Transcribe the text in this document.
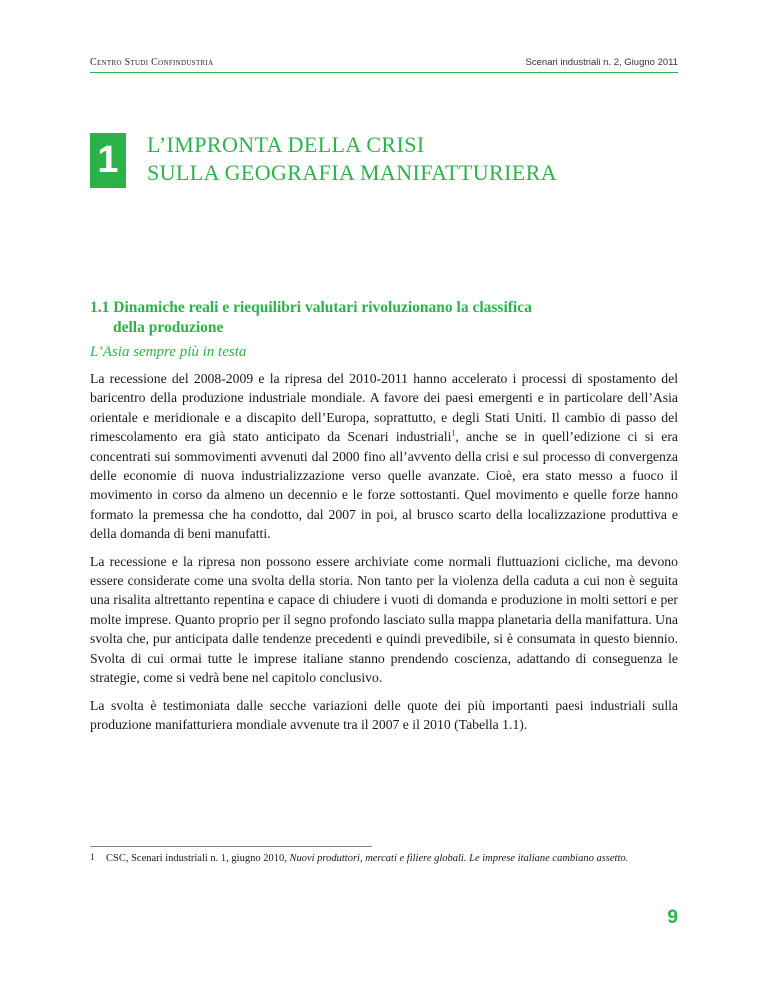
Centro Studi Confindustria	Scenari industriali n. 2, Giugno 2011
1	L’IMPRONTA DELLA CRISI
SULLA GEOGRAFIA MANIFATTURIERA
1.1 Dinamiche reali e riequilibri valutari rivoluzionano la classifica
della produzione
L’Asia sempre più in testa

La recessione del 2008-2009 e la ripresa del 2010-2011 hanno accelerato i processi di spostamento del baricentro della produzione industriale mondiale. A favore dei paesi emergenti e in particolare dell’Asia orientale e meridionale e a discapito dell’Europa, soprattutto, e degli Stati Uniti. Il cambio di passo del rimescolamento era già stato anticipato da Scenari industriali$^1$, anche se in quell’edizione ci si era concentrati sui sommovimenti avvenuti dal 2000 fino all’avvento della crisi e sul processo di convergenza delle economie di nuova industrializzazione verso quelle avanzate. Cioè, era stato messo a fuoco il movimento in corso da almeno un decennio e le forze sottostanti. Quel movimento e quelle forze hanno formato la premessa che ha condotto, dal 2007 in poi, al brusco scarto della localizzazione produttiva e della domanda di beni manufatti.

La recessione e la ripresa non possono essere archiviate come normali fluttuazioni cicliche, ma devono essere considerate come una svolta della storia. Non tanto per la violenza della caduta a cui non è seguita una risalita altrettanto repentina e capace di chiudere i vuoti di domanda e produzione in molti settori e per molte imprese. Quanto proprio per il segno profondo lasciato sulla mappa planetaria della manifattura. Una svolta che, pur anticipata dalle tendenze precedenti e quindi prevedibile, si è consumata in questo biennio. Svolta di cui ormai tutte le imprese italiane stanno prendendo coscienza, adattando di conseguenza le strategie, come si vedrà bene nel capitolo conclusivo.

La svolta è testimoniata dalle secche variazioni delle quote dei più importanti paesi industriali sulla produzione manifatturiera mondiale avvenute tra il 2007 e il 2010 (Tabella 1.1).

1 CSC, Scenari industriali n. 1, giugno 2010, Nuovi produttori, mercati e filiere globali. Le imprese italiane cambiano assetto.
9
